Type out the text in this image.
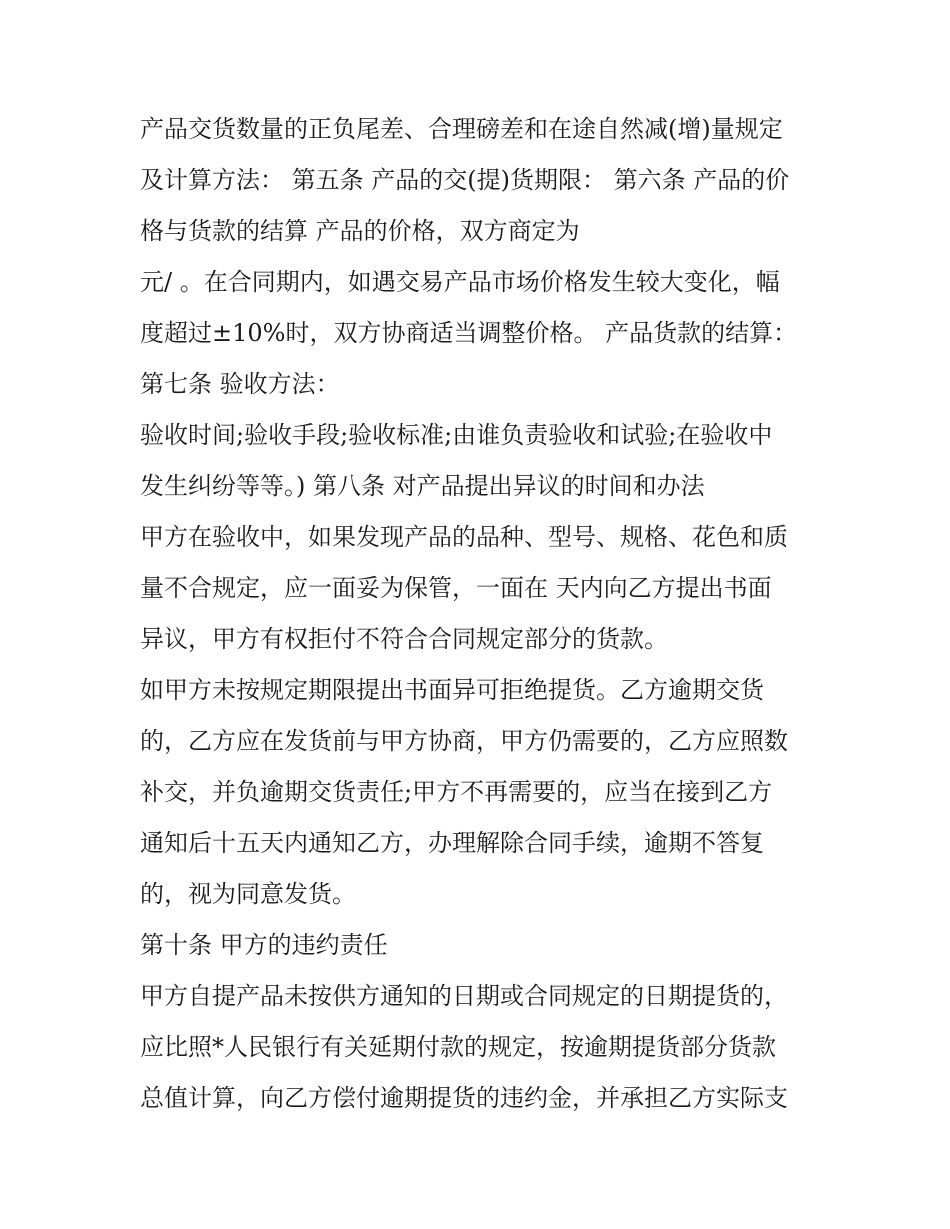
产品交货数量的正负尾差、合理磅差和在途自然减(增)量规定
及计算方法： 第五条 产品的交(提)货期限： 第六条 产品的价
格与货款的结算 产品的价格，双方商定为
元/ 。在合同期内，如遇交易产品市场价格发生较大变化，幅
度超过±10%时，双方协商适当调整价格。 产品货款的结算：
第七条 验收方法：
验收时间;验收手段;验收标准;由谁负责验收和试验;在验收中
发生纠纷等等。) 第八条 对产品提出异议的时间和办法
甲方在验收中，如果发现产品的品种、型号、规格、花色和质
量不合规定，应一面妥为保管，一面在 天内向乙方提出书面
异议，甲方有权拒付不符合合同规定部分的货款。
如甲方未按规定期限提出书面异可拒绝提货。乙方逾期交货
的，乙方应在发货前与甲方协商，甲方仍需要的，乙方应照数
补交，并负逾期交货责任;甲方不再需要的，应当在接到乙方
通知后十五天内通知乙方，办理解除合同手续，逾期不答复
的，视为同意发货。
第十条 甲方的违约责任
甲方自提产品未按供方通知的日期或合同规定的日期提货的，
应比照*人民银行有关延期付款的规定，按逾期提货部分货款
总值计算，向乙方偿付逾期提货的违约金，并承担乙方实际支
